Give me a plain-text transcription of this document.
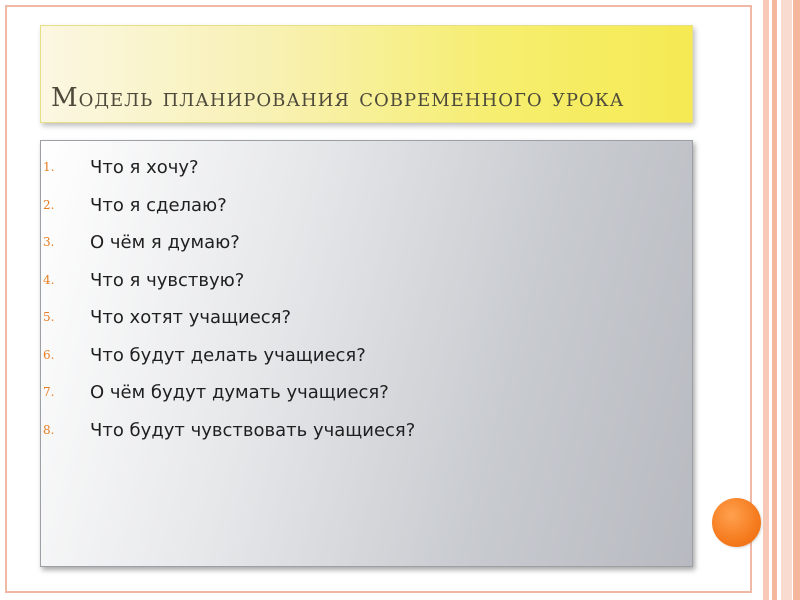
Модель планирования современного урока
1.	Что я хочу?
2.	Что я сделаю?
3.	О чём я думаю?
4.	Что я чувствую?
5.	Что хотят учащиеся?
6.	Что будут делать учащиеся?
7.	О чём будут думать учащиеся?
8.	Что будут чувствовать учащиеся?
